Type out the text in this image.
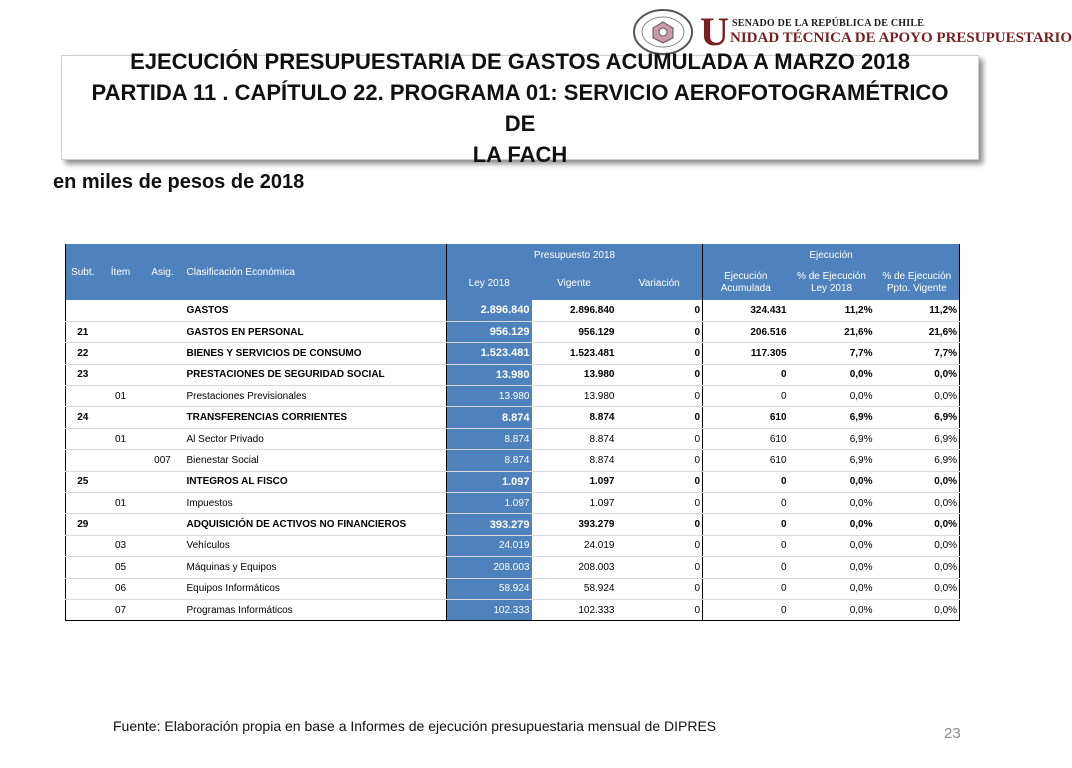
U SENADO DE LA REPÚBLICA DE CHILE
NIDAD TÉCNICA DE APOYO PRESUPUESTARIO
EJECUCIÓN PRESUPUESTARIA DE GASTOS ACUMULADA A MARZO 2018
PARTIDA 11 . CAPÍTULO 22. PROGRAMA 01: SERVICIO AEROFOTOGRAMÉTRICO DE
LA FACH
en miles de pesos de 2018
Subt.	Ítem	Asig.	Clasificación Económica	Presupuesto 2018			Ejecución		
				Ley 2018	Vigente	Variación	Ejecución Acumulada	% de Ejecución Ley 2018	% de Ejecución Ppto. Vigente
			GASTOS	2.896.840	2.896.840	0	324.431	11,2%	11,2%
21			GASTOS EN PERSONAL	956.129	956.129	0	206.516	21,6%	21,6%
22			BIENES Y SERVICIOS DE CONSUMO	1.523.481	1.523.481	0	117.305	7,7%	7,7%
23			PRESTACIONES DE SEGURIDAD SOCIAL	13.980	13.980	0	0	0,0%	0,0%
	01		Prestaciones Previsionales	13.980	13.980	0	0	0,0%	0,0%
24			TRANSFERENCIAS CORRIENTES	8.874	8.874	0	610	6,9%	6,9%
	01		Al Sector Privado	8.874	8.874	0	610	6,9%	6,9%
		007	Bienestar Social	8.874	8.874	0	610	6,9%	6,9%
25			INTEGROS AL FISCO	1.097	1.097	0	0	0,0%	0,0%
	01		Impuestos	1.097	1.097	0	0	0,0%	0,0%
29			ADQUISICIÓN DE ACTIVOS NO FINANCIEROS	393.279	393.279	0	0	0,0%	0,0%
	03		Vehículos	24.019	24.019	0	0	0,0%	0,0%
	05		Máquinas y Equipos	208.003	208.003	0	0	0,0%	0,0%
	06		Equipos Informáticos	58.924	58.924	0	0	0,0%	0,0%
	07		Programas Informáticos	102.333	102.333	0	0	0,0%	0,0%
Fuente: Elaboración propia en base a Informes de ejecución presupuestaria mensual de DIPRES	23
